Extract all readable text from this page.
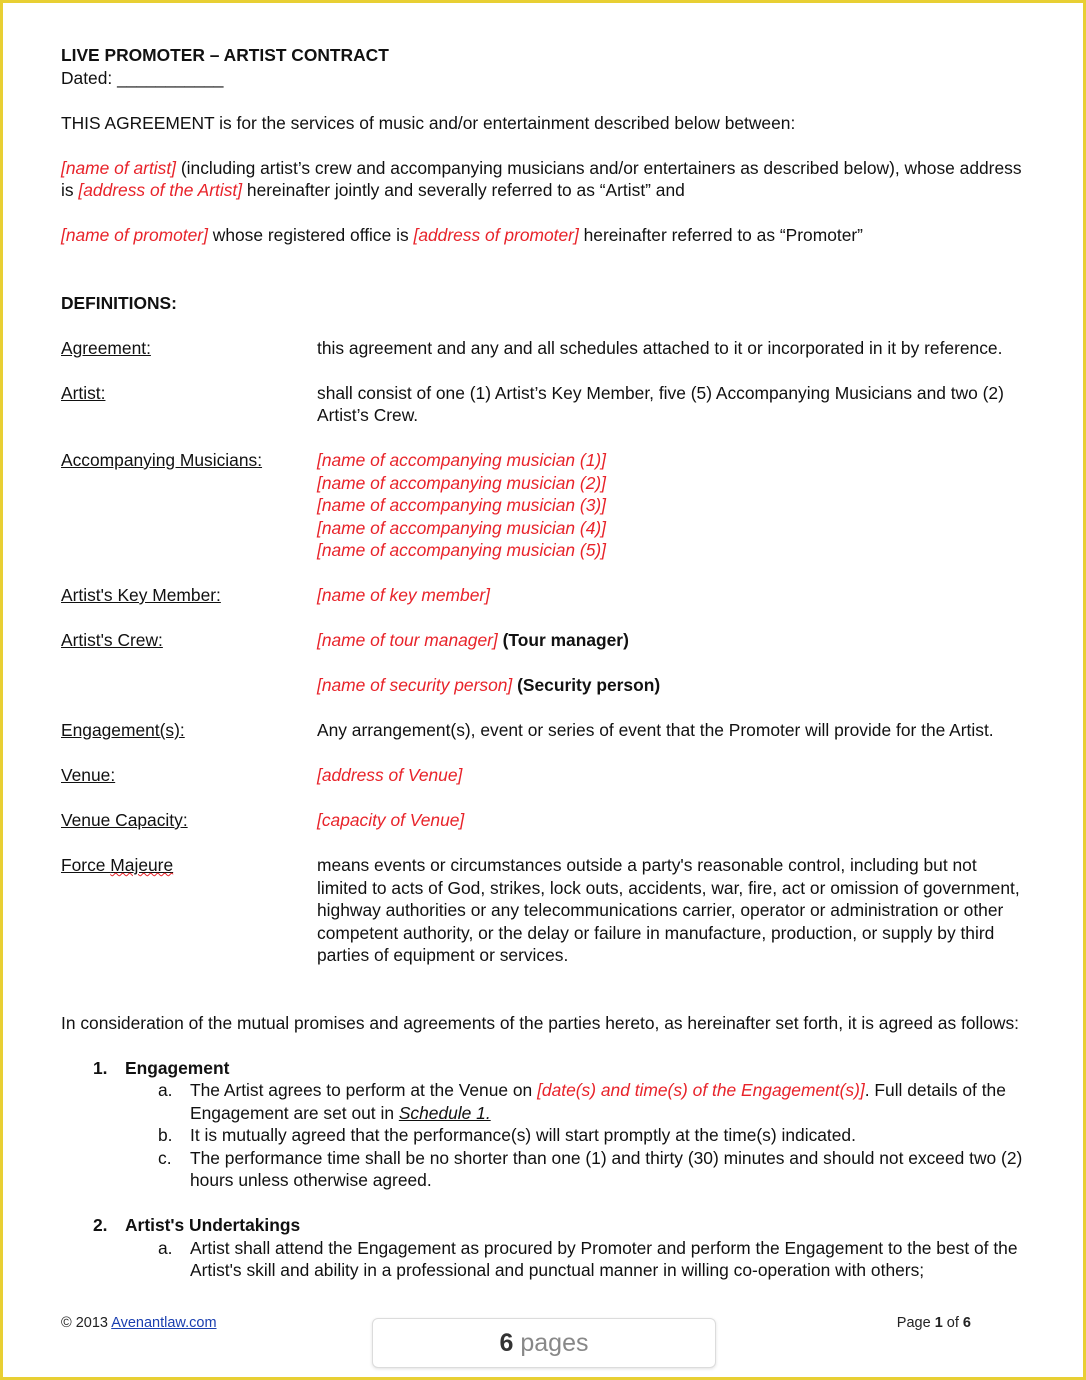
LIVE PROMOTER – ARTIST CONTRACT

Dated: ___________

THIS AGREEMENT is for the services of music and/or entertainment described below between:

[name of artist] (including artist’s crew and accompanying musicians and/or entertainers as described below), whose address is [address of the Artist] hereinafter jointly and severally referred to as “Artist” and

[name of promoter] whose registered office is [address of promoter] hereinafter referred to as “Promoter”

DEFINITIONS:

Agreement:	this agreement and any and all schedules attached to it or incorporated in it by reference.
Artist:	shall consist of one (1) Artist’s Key Member, five (5) Accompanying Musicians and two (2) Artist’s Crew.
Accompanying Musicians:	[name of accompanying musician (1)]
[name of accompanying musician (2)]
[name of accompanying musician (3)]
[name of accompanying musician (4)]
[name of accompanying musician (5)]
Artist's Key Member:	[name of key member]
Artist's Crew:	[name of tour manager] (Tour manager)
[name of security person] (Security person)
Engagement(s):	Any arrangement(s), event or series of event that the Promoter will provide for the Artist.
Venue:	[address of Venue]
Venue Capacity:	[capacity of Venue]
Force Majeure	means events or circumstances outside a party's reasonable control, including but not limited to acts of God, strikes, lock outs, accidents, war, fire, act or omission of government, highway authorities or any telecommunications carrier, operator or administration or other competent authority, or the delay or failure in manufacture, production, or supply by third parties of equipment or services.

In consideration of the mutual promises and agreements of the parties hereto, as hereinafter set forth, it is agreed as follows:

1.	Engagement
a.	The Artist agrees to perform at the Venue on [date(s) and time(s) of the Engagement(s)]. Full details of the Engagement are set out in Schedule 1.
b.	It is mutually agreed that the performance(s) will start promptly at the time(s) indicated.
c.	The performance time shall be no shorter than one (1) and thirty (30) minutes and should not exceed two (2) hours unless otherwise agreed.
2.	Artist's Undertakings
a.	Artist shall attend the Engagement as procured by Promoter and perform the Engagement to the best of the Artist's skill and ability in a professional and punctual manner in willing co-operation with others;
© 2013 Avenantlaw.com	Page 1 of 6
6 pages
